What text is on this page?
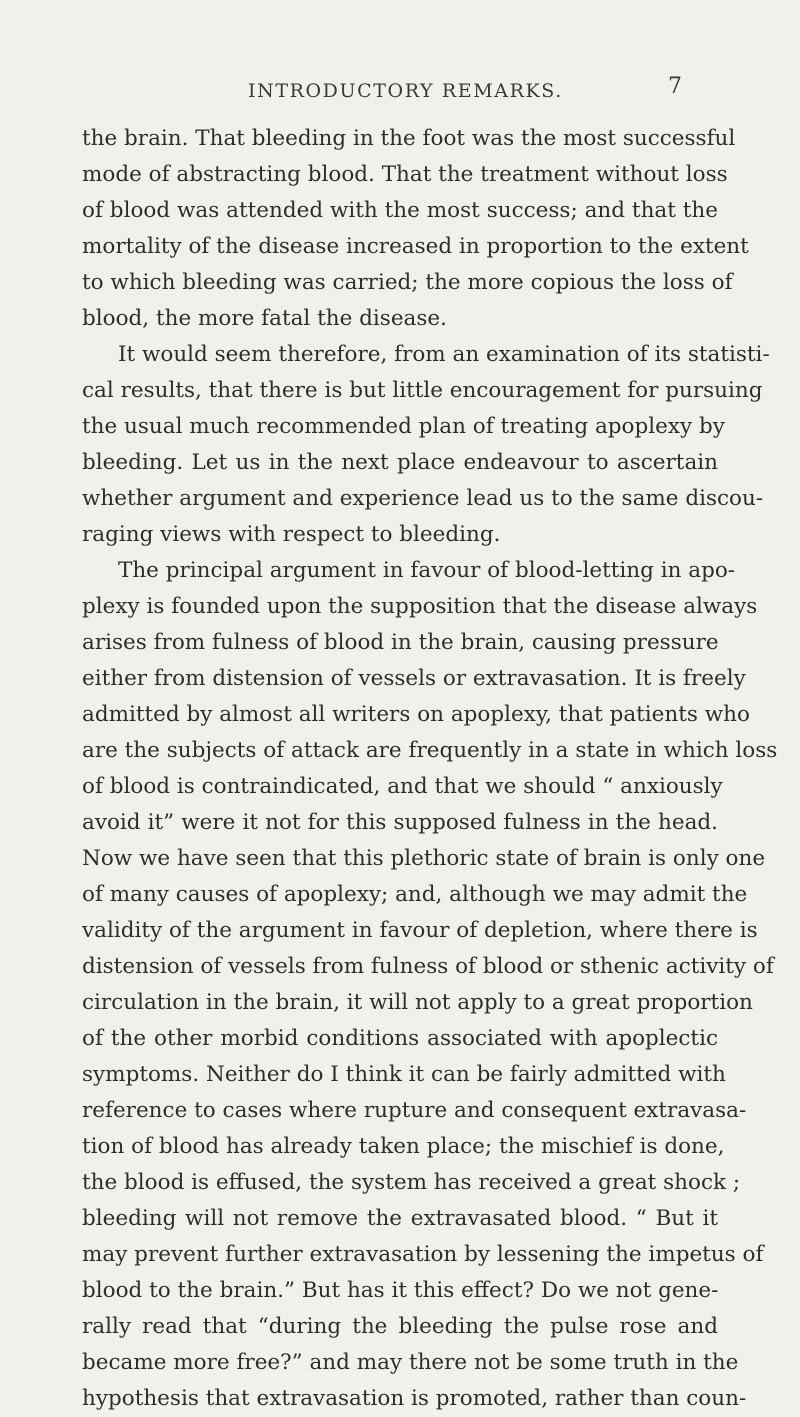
INTRODUCTORY REMARKS.	7
the brain. That bleeding in the foot was the most successful
mode of abstracting blood. That the treatment without loss
of blood was attended with the most success; and that the
mortality of the disease increased in proportion to the extent
to which bleeding was carried; the more copious the loss of
blood, the more fatal the disease.
It would seem therefore, from an examination of its statisti-
cal results, that there is but little encouragement for pursuing
the usual much recommended plan of treating apoplexy by
bleeding. Let us in the next place endeavour to ascertain
whether argument and experience lead us to the same discou-
raging views with respect to bleeding.
The principal argument in favour of blood-letting in apo-
plexy is founded upon the supposition that the disease always
arises from fulness of blood in the brain, causing pressure
either from distension of vessels or extravasation. It is freely
admitted by almost all writers on apoplexy, that patients who
are the subjects of attack are frequently in a state in which loss
of blood is contraindicated, and that we should “ anxiously
avoid it” were it not for this supposed fulness in the head.
Now we have seen that this plethoric state of brain is only one
of many causes of apoplexy; and, although we may admit the
validity of the argument in favour of depletion, where there is
distension of vessels from fulness of blood or sthenic activity of
circulation in the brain, it will not apply to a great proportion
of the other morbid conditions associated with apoplectic
symptoms. Neither do I think it can be fairly admitted with
reference to cases where rupture and consequent extravasa-
tion of blood has already taken place; the mischief is done,
the blood is effused, the system has received a great shock ;
bleeding will not remove the extravasated blood. “ But it
may prevent further extravasation by lessening the impetus of
blood to the brain.” But has it this effect? Do we not gene-
rally read that “during the bleeding the pulse rose and
became more free?” and may there not be some truth in the
hypothesis that extravasation is promoted, rather than coun-
